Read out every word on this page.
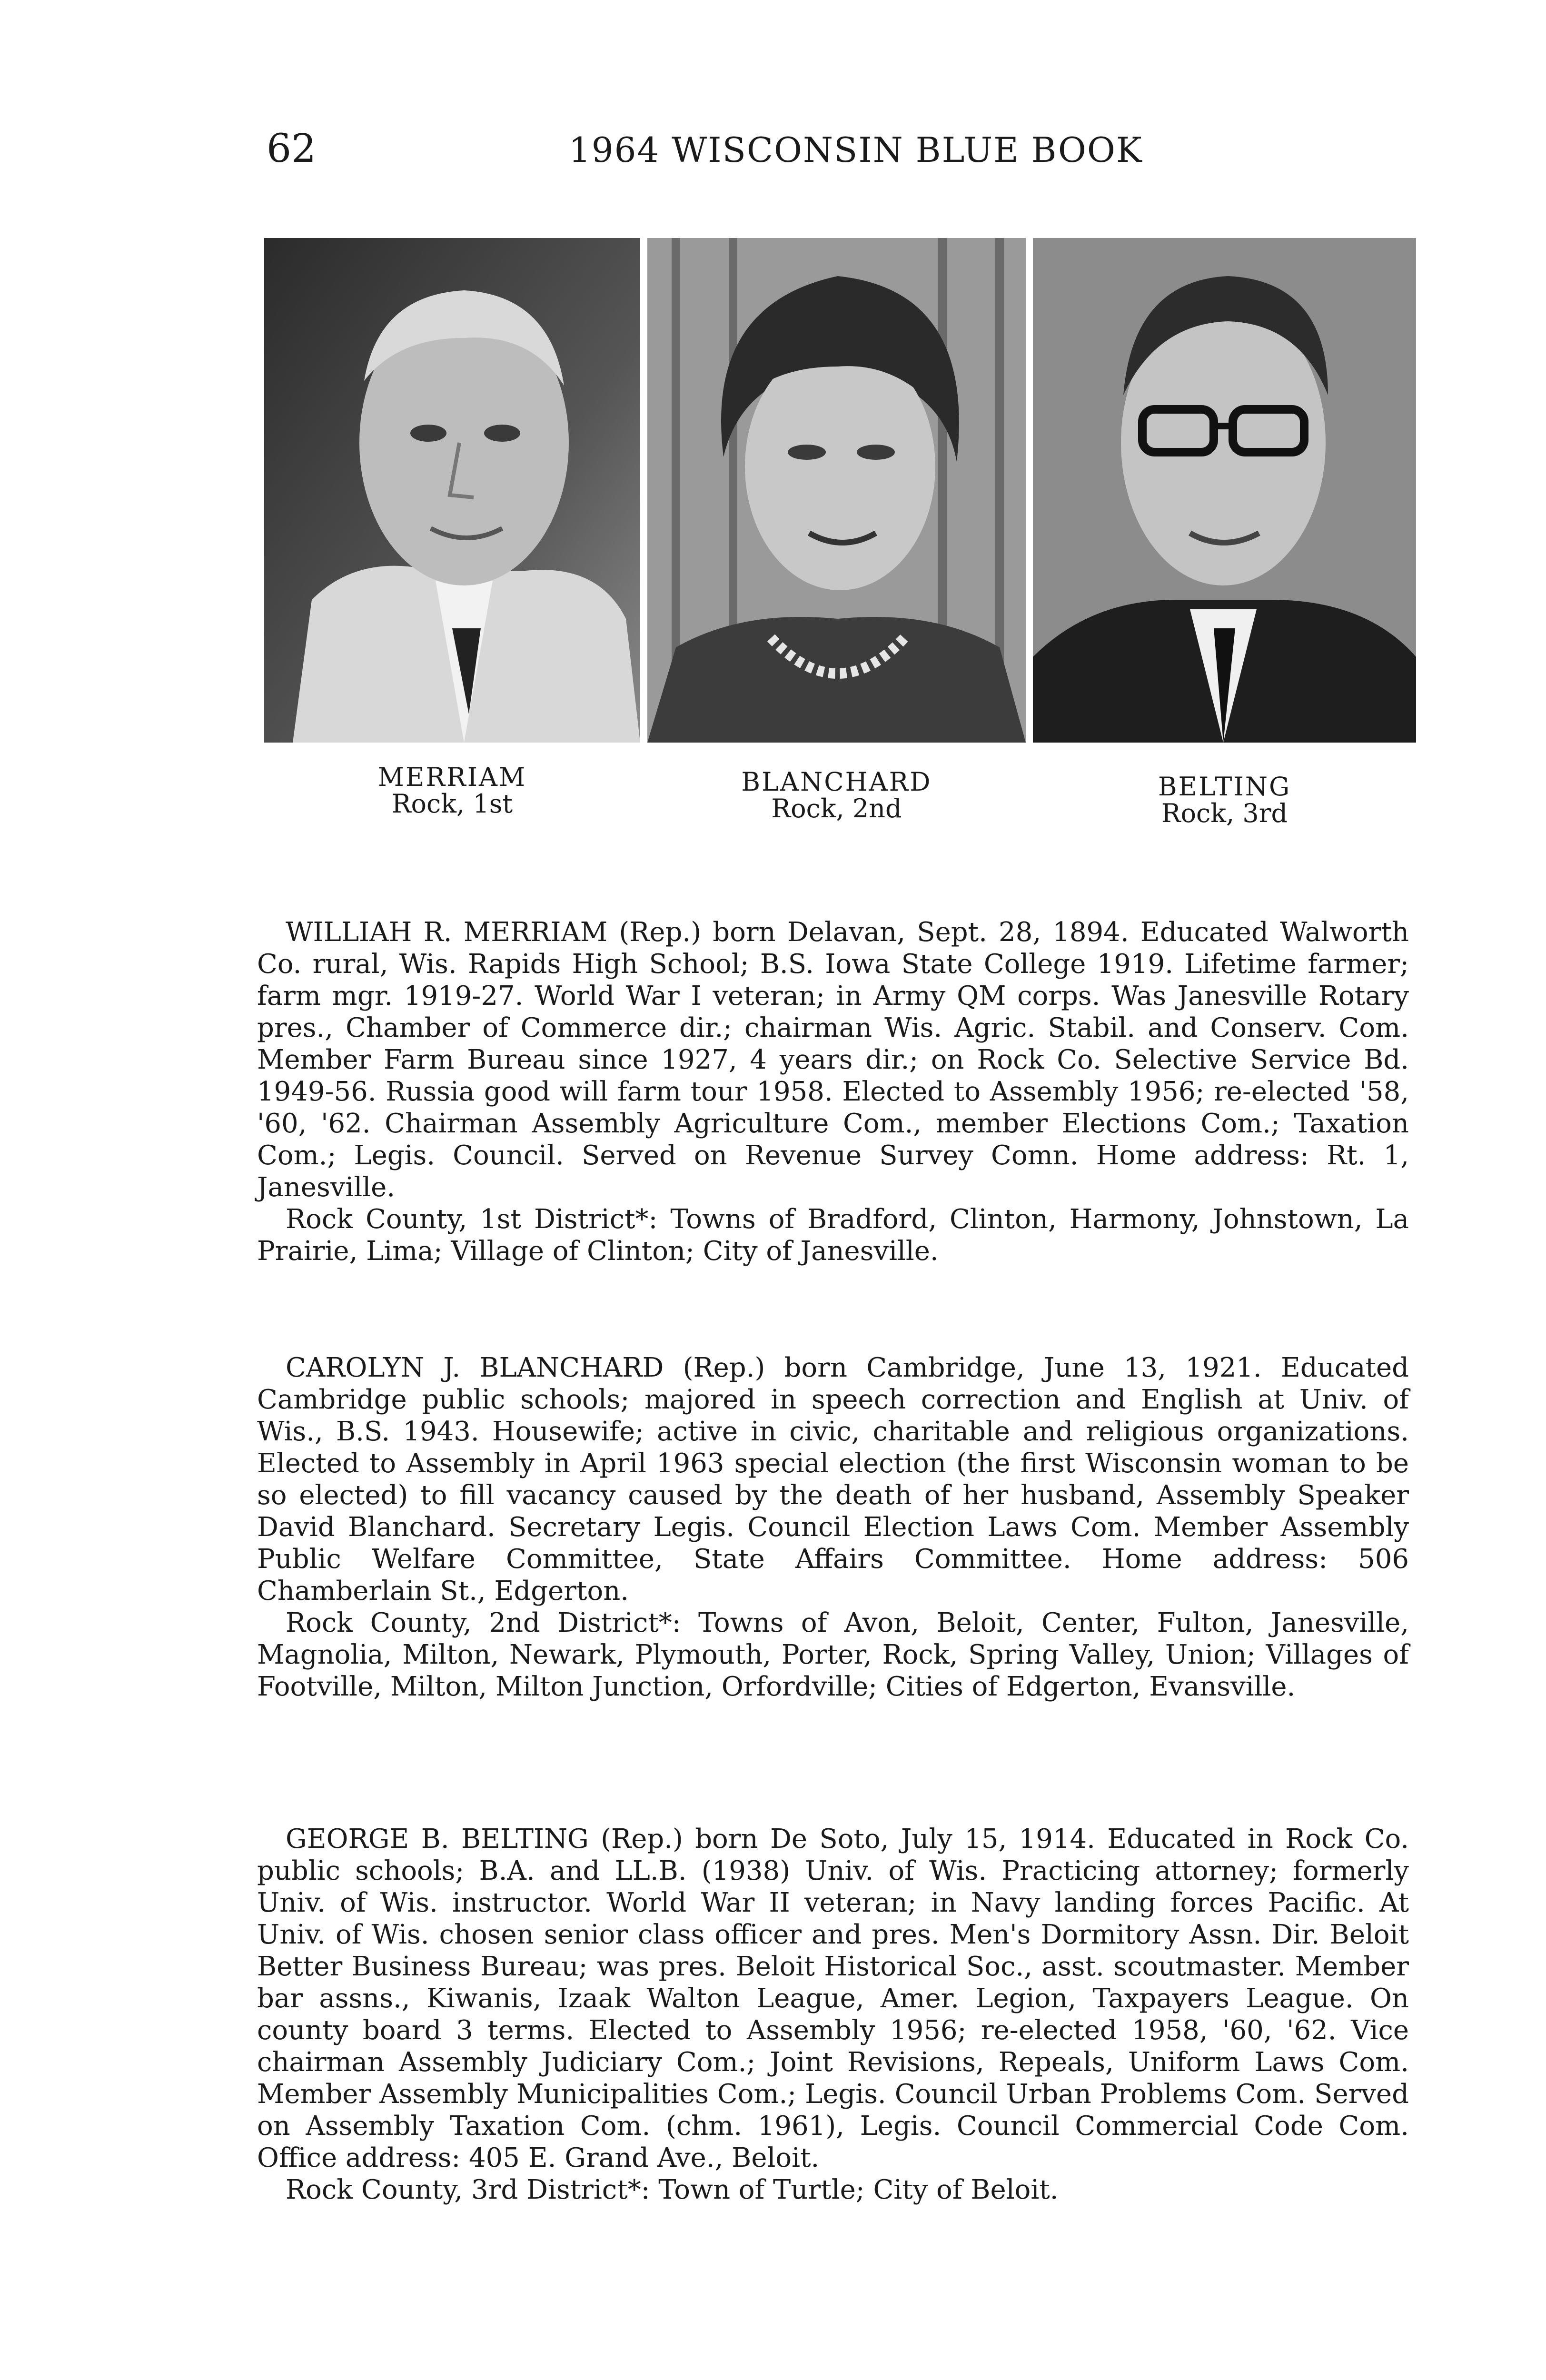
62	1964 WISCONSIN BLUE BOOK
MERRIAM
Rock, 1st
BLANCHARD
Rock, 2nd
BELTING
Rock, 3rd

WILLIAH R. MERRIAM (Rep.) born Delavan, Sept. 28, 1894. Educated Walworth Co. rural, Wis. Rapids High School; B.S. Iowa State College 1919. Lifetime farmer; farm mgr. 1919-27. World War I veteran; in Army QM corps. Was Janesville Rotary pres., Chamber of Commerce dir.; chairman Wis. Agric. Stabil. and Conserv. Com. Member Farm Bureau since 1927, 4 years dir.; on Rock Co. Selective Service Bd. 1949-56. Russia good will farm tour 1958. Elected to Assembly 1956; re-elected '58, '60, '62. Chairman Assembly Agriculture Com., member Elections Com.; Taxation Com.; Legis. Council. Served on Revenue Survey Comn. Home address: Rt. 1, Janesville.

Rock County, 1st District*: Towns of Bradford, Clinton, Harmony, Johnstown, La Prairie, Lima; Village of Clinton; City of Janesville.

CAROLYN J. BLANCHARD (Rep.) born Cambridge, June 13, 1921. Educated Cambridge public schools; majored in speech correction and English at Univ. of Wis., B.S. 1943. Housewife; active in civic, charitable and religious organizations. Elected to Assembly in April 1963 special election (the first Wisconsin woman to be so elected) to fill vacancy caused by the death of her husband, Assembly Speaker David Blanchard. Secretary Legis. Council Election Laws Com. Member Assembly Public Welfare Committee, State Affairs Committee. Home address: 506 Chamberlain St., Edgerton.

Rock County, 2nd District*: Towns of Avon, Beloit, Center, Fulton, Janesville, Magnolia, Milton, Newark, Plymouth, Porter, Rock, Spring Valley, Union; Villages of Footville, Milton, Milton Junction, Orfordville; Cities of Edgerton, Evansville.

GEORGE B. BELTING (Rep.) born De Soto, July 15, 1914. Educated in Rock Co. public schools; B.A. and LL.B. (1938) Univ. of Wis. Practicing attorney; formerly Univ. of Wis. instructor. World War II veteran; in Navy landing forces Pacific. At Univ. of Wis. chosen senior class officer and pres. Men's Dormitory Assn. Dir. Beloit Better Business Bureau; was pres. Beloit Historical Soc., asst. scoutmaster. Member bar assns., Kiwanis, Izaak Walton League, Amer. Legion, Taxpayers League. On county board 3 terms. Elected to Assembly 1956; re-elected 1958, '60, '62. Vice chairman Assembly Judiciary Com.; Joint Revisions, Repeals, Uniform Laws Com. Member Assembly Municipalities Com.; Legis. Council Urban Problems Com. Served on Assembly Taxation Com. (chm. 1961), Legis. Council Commercial Code Com. Office address: 405 E. Grand Ave., Beloit.

Rock County, 3rd District*: Town of Turtle; City of Beloit.
